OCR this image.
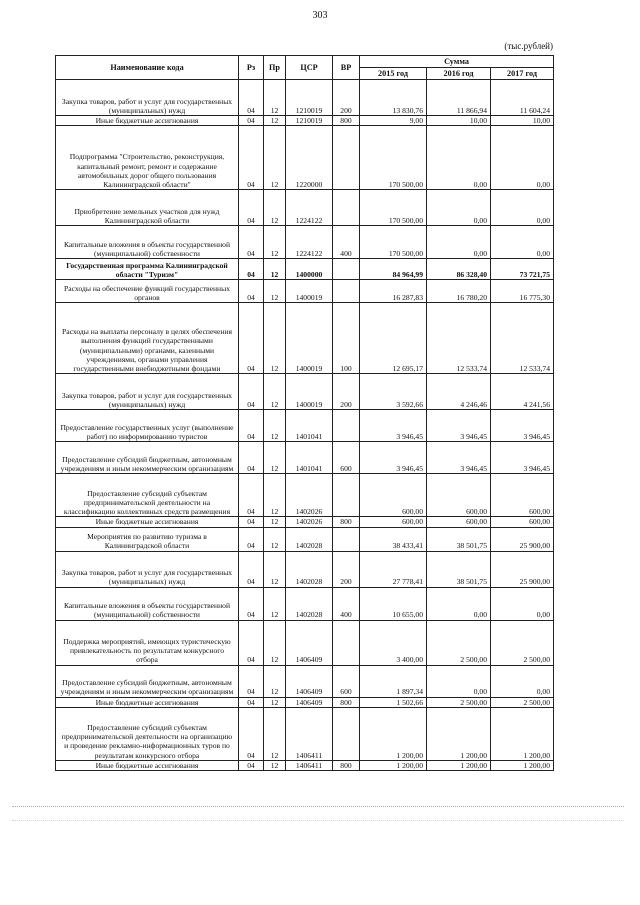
303
(тыс.рублей)
Наименование кода	Рз	Пр	ЦСР	ВР	Сумма		
					2015 год	2016 год	2017 год
Закупка товаров, работ и услуг для государственных (муниципальных) нужд	04	12	1210019	200	13 830,76	11 866,94	11 604,24
Иные бюджетные ассигнования	04	12	1210019	800	9,00	10,00	10,00
Подпрограмма "Строительство, реконструкция, капитальный ремонт, ремонт и содержание автомобильных дорог общего пользования Калининградской области"	04	12	1220000		170 500,00	0,00	0,00
Приобретение земельных участков для нужд Калининградской области	04	12	1224122		170 500,00	0,00	0,00
Капитальные вложения в объекты государственной (муниципальной) собственности	04	12	1224122	400	170 500,00	0,00	0,00
Государственная программа Калининградской области "Туризм"	04	12	1400000		84 964,99	86 328,40	73 721,75
Расходы на обеспечение функций государственных органов	04	12	1400019		16 287,83	16 780,20	16 775,30
Расходы на выплаты персоналу в целях обеспечения выполнения функций государственными (муниципальными) органами, казенными учреждениями, органами управления государственными внебюджетными фондами	04	12	1400019	100	12 695,17	12 533,74	12 533,74
Закупка товаров, работ и услуг для государственных (муниципальных) нужд	04	12	1400019	200	3 592,66	4 246,46	4 241,56
Предоставление государственных услуг (выполнение работ) по информированию туристов	04	12	1401041		3 946,45	3 946,45	3 946,45
Предоставление субсидий бюджетным, автономным учреждениям и иным некоммерческим организациям	04	12	1401041	600	3 946,45	3 946,45	3 946,45
Предоставление субсидий субъектам предпринимательской деятельности на классификацию коллективных средств размещения	04	12	1402026		600,00	600,00	600,00
Иные бюджетные ассигнования	04	12	1402026	800	600,00	600,00	600,00
Мероприятия по развитию туризма в Калининградской области	04	12	1402028		38 433,41	38 501,75	25 900,00
Закупка товаров, работ и услуг для государственных (муниципальных) нужд	04	12	1402028	200	27 778,41	38 501,75	25 900,00
Капитальные вложения в объекты государственной (муниципальной) собственности	04	12	1402028	400	10 655,00	0,00	0,00
Поддержка мероприятий, имеющих туристическую привлекательность по результатам конкурсного отбора	04	12	1406409		3 400,00	2 500,00	2 500,00
Предоставление субсидий бюджетным, автономным учреждениям и иным некоммерческим организациям	04	12	1406409	600	1 897,34	0,00	0,00
Иные бюджетные ассигнования	04	12	1406409	800	1 502,66	2 500,00	2 500,00
Предоставление субсидий субъектам предпринимательской деятельности на организацию и проведение рекламно-информационных туров по результатам конкурсного отбора	04	12	1406411		1 200,00	1 200,00	1 200,00
Иные бюджетные ассигнования	04	12	1406411	800	1 200,00	1 200,00	1 200,00
